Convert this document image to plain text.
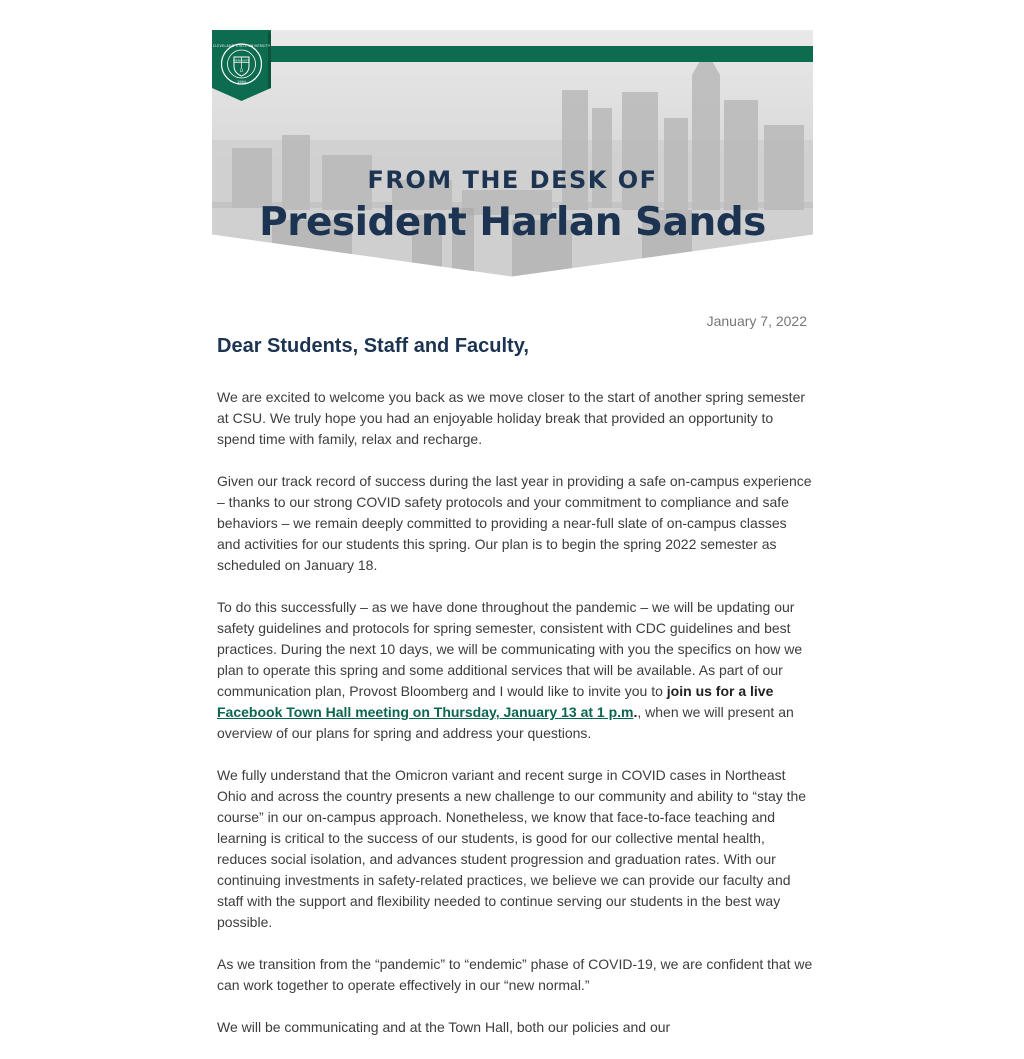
MENS AGIT
D
CLEVELAND STATE UNIVERSITY
1964

FROM THE DESK OF

President Harlan Sands
January 7, 2022
Dear Students, Staff and Faculty,

We are excited to welcome you back as we move closer to the start of another spring semester at CSU. We truly hope you had an enjoyable holiday break that provided an opportunity to spend time with family, relax and recharge.

Given our track record of success during the last year in providing a safe on-campus experience – thanks to our strong COVID safety protocols and your commitment to compliance and safe behaviors – we remain deeply committed to providing a near-full slate of on-campus classes and activities for our students this spring. Our plan is to begin the spring 2022 semester as scheduled on January 18.

To do this successfully – as we have done throughout the pandemic – we will be updating our safety guidelines and protocols for spring semester, consistent with CDC guidelines and best practices. During the next 10 days, we will be communicating with you the specifics on how we plan to operate this spring and some additional services that will be available. As part of our communication plan, Provost Bloomberg and I would like to invite you to join us for a live Facebook Town Hall meeting on Thursday, January 13 at 1 p.m., when we will present an overview of our plans for spring and address your questions.

We fully understand that the Omicron variant and recent surge in COVID cases in Northeast Ohio and across the country presents a new challenge to our community and ability to “stay the course” in our on-campus approach. Nonetheless, we know that face-to-face teaching and learning is critical to the success of our students, is good for our collective mental health, reduces social isolation, and advances student progression and graduation rates. With our continuing investments in safety-related practices, we believe we can provide our faculty and staff with the support and flexibility needed to continue serving our students in the best way possible.

As we transition from the “pandemic” to “endemic” phase of COVID-19, we are confident that we can work together to operate effectively in our “new normal.”

We will be communicating and at the Town Hall, both our policies and our
